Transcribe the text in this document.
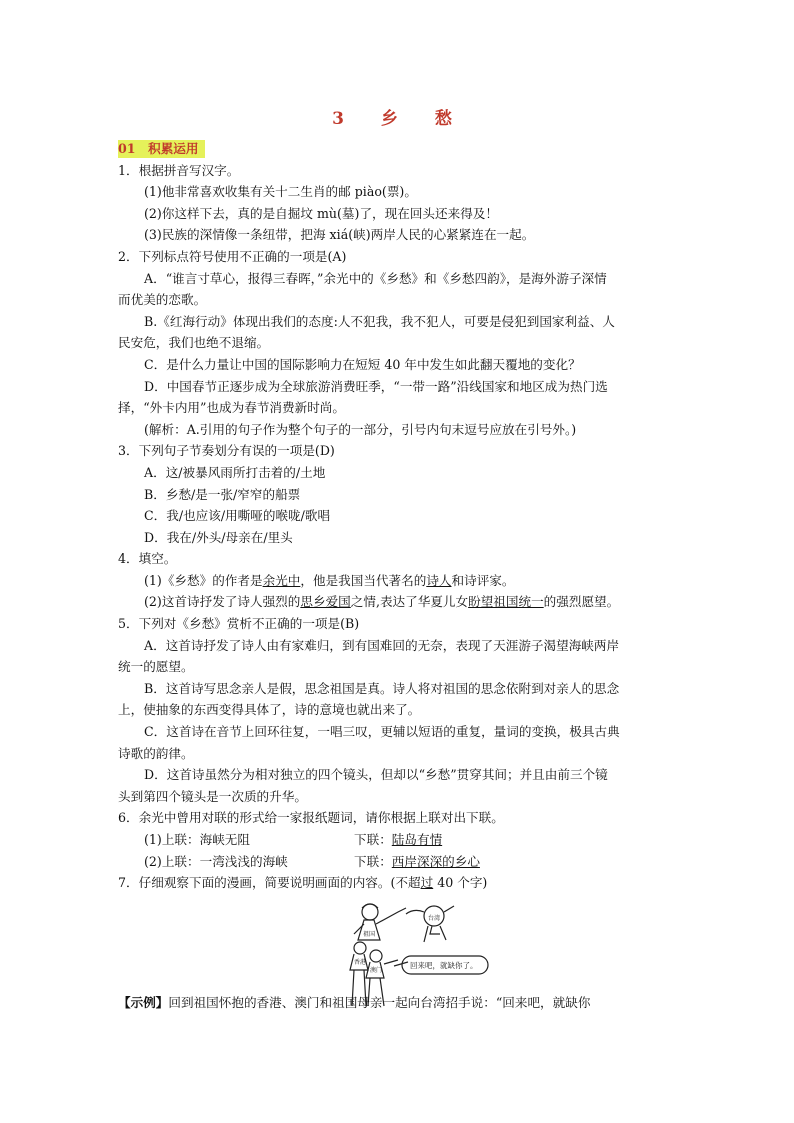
3　乡　愁
01　积累运用
1．根据拼音写汉字。
(1)他非常喜欢收集有关十二生肖的邮 piào(票)。
(2)你这样下去，真的是自掘坟 mù(墓)了，现在回头还来得及！
(3)民族的深情像一条纽带，把海 xiá(峡)两岸人民的心紧紧连在一起。
2．下列标点符号使用不正确的一项是(A)
A．“谁言寸草心，报得三春晖，”余光中的《乡愁》和《乡愁四韵》，是海外游子深情
而优美的恋歌。
B.《红海行动》体现出我们的态度:人不犯我，我不犯人，可要是侵犯到国家利益、人
民安危，我们也绝不退缩。
C．是什么力量让中国的国际影响力在短短 40 年中发生如此翻天覆地的变化？
D．中国春节正逐步成为全球旅游消费旺季，“一带一路”沿线国家和地区成为热门选
择，“外卡内用”也成为春节消费新时尚。
(解析：A.引用的句子作为整个句子的一部分，引号内句末逗号应放在引号外。)
3．下列句子节奏划分有误的一项是(D)
A．这/被暴风雨所打击着的/土地
B．乡愁/是一张/窄窄的船票
C．我/也应该/用嘶哑的喉咙/歌唱
D．我在/外头/母亲在/里头
4．填空。
(1)《乡愁》的作者是余光中，他是我国当代著名的诗人和诗评家。
(2)这首诗抒发了诗人强烈的思乡爱国之情,表达了华夏儿女盼望祖国统一的强烈愿望。
5．下列对《乡愁》赏析不正确的一项是(B)
A．这首诗抒发了诗人由有家难归，到有国难回的无奈，表现了天涯游子渴望海峡两岸
统一的愿望。
B．这首诗写思念亲人是假，思念祖国是真。诗人将对祖国的思念依附到对亲人的思念
上，使抽象的东西变得具体了，诗的意境也就出来了。
C．这首诗在音节上回环往复，一唱三叹，更辅以短语的重复，量词的变换，极具古典
诗歌的韵律。
D．这首诗虽然分为相对独立的四个镜头，但却以“乡愁”贯穿其间；并且由前三个镜
头到第四个镜头是一次质的升华。
6．余光中曾用对联的形式给一家报纸题词，请你根据上联对出下联。
(1)上联：海峡无阻	下联：陆岛有情
(2)上联：一湾浅浅的海峡	下联：西岸深深的乡心
7．仔细观察下面的漫画，简要说明画面的内容。(不超过 40 个字)
祖国
台湾
香港
澳门
回来吧，就缺你了。
【示例】回到祖国怀抱的香港、澳门和祖国母亲一起向台湾招手说：“回来吧，就缺你
